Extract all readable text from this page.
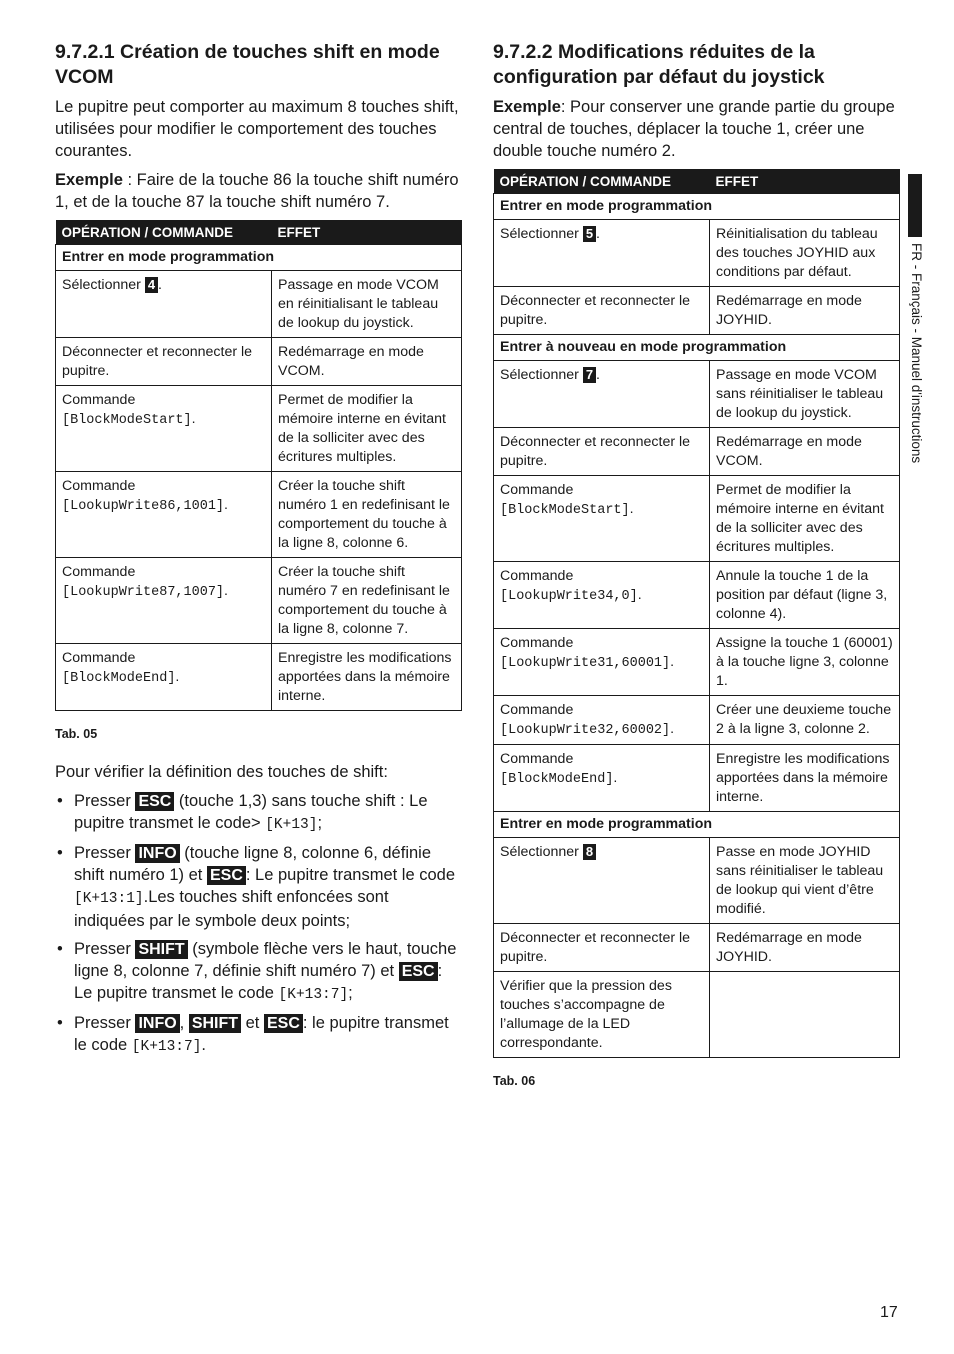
9.7.2.1 Création de touches shift en mode VCOM

Le pupitre peut comporter au maximum 8 touches shift, utilisées pour modifier le comportement des touches courantes.

Exemple : Faire de la touche 86 la touche shift numéro 1, et de la touche 87 la touche shift numéro 7.

OPÉRATION / COMMANDE	EFFET
Entrer en mode programmation	
Sélectionner 4 .	Passage en mode VCOM en réinitialisant le tableau de lookup du joystick.
Déconnecter et reconnecter le pupitre.	Redémarrage en mode VCOM.
Commande
[BlockModeStart].	Permet de modifier la mémoire interne en évitant de la solliciter avec des écritures multiples.
Commande
[LookupWrite86,1001].	Créer la touche shift numéro 1 en redefinisant le comportement du touche à la ligne 8, colonne 6.
Commande
[LookupWrite87,1007].	Créer la touche shift numéro 7 en redefinisant le comportement du touche à la ligne 8, colonne 7.
Commande
[BlockModeEnd].	Enregistre les modifications apportées dans la mémoire interne.
Tab. 05

Pour vérifier la définition des touches de shift:

• Presser ESC (touche 1,3) sans touche shift : Le pupitre transmet le code> [K+13];
• Presser INFO (touche ligne 8, colonne 6, définie shift numéro 1) et ESC : Le pupitre transmet le code [K+13:1].Les touches shift enfoncées sont indiquées par le symbole deux points;
• Presser SHIFT (symbole flèche vers le haut, touche ligne 8, colonne 7, définie shift numéro 7) et ESC : Le pupitre transmet le code [K+13:7];
• Presser INFO , SHIFT et ESC : le pupitre transmet le code [K+13:7].
9.7.2.2 Modifications réduites de la configuration par défaut du joystick

Exemple: Pour conserver une grande partie du groupe central de touches, déplacer la touche 1, créer une double touche numéro 2.

OPÉRATION / COMMANDE	EFFET
Entrer en mode programmation	
Sélectionner 5 .	Réinitialisation du tableau des touches JOYHID aux conditions par défaut.
Déconnecter et reconnecter le pupitre.	Redémarrage en mode JOYHID.
Entrer à nouveau en mode programmation	
Sélectionner 7 .	Passage en mode VCOM sans réinitialiser le tableau de lookup du joystick.
Déconnecter et reconnecter le pupitre.	Redémarrage en mode VCOM.
Commande
[BlockModeStart].	Permet de modifier la mémoire interne en évitant de la solliciter avec des écritures multiples.
Commande
[LookupWrite34,0].	Annule la touche 1 de la position par défaut (ligne 3, colonne 4).
Commande
[LookupWrite31,60001].	Assigne la touche 1 (60001) à la touche ligne 3, colonne 1.
Commande
[LookupWrite32,60002].	Créer une deuxieme touche 2 à la ligne 3, colonne 2.
Commande
[BlockModeEnd].	Enregistre les modifications apportées dans la mémoire interne.
Entrer en mode programmation	
Sélectionner 8	Passe en mode JOYHID sans réinitialiser le tableau de lookup qui vient d’être modifié.
Déconnecter et reconnecter le pupitre.	Redémarrage en mode JOYHID.
Vérifier que la pression des touches s’accompagne de l’allumage de la LED correspondante.	
Tab. 06
FR - Français - Manuel d'instructions
17
